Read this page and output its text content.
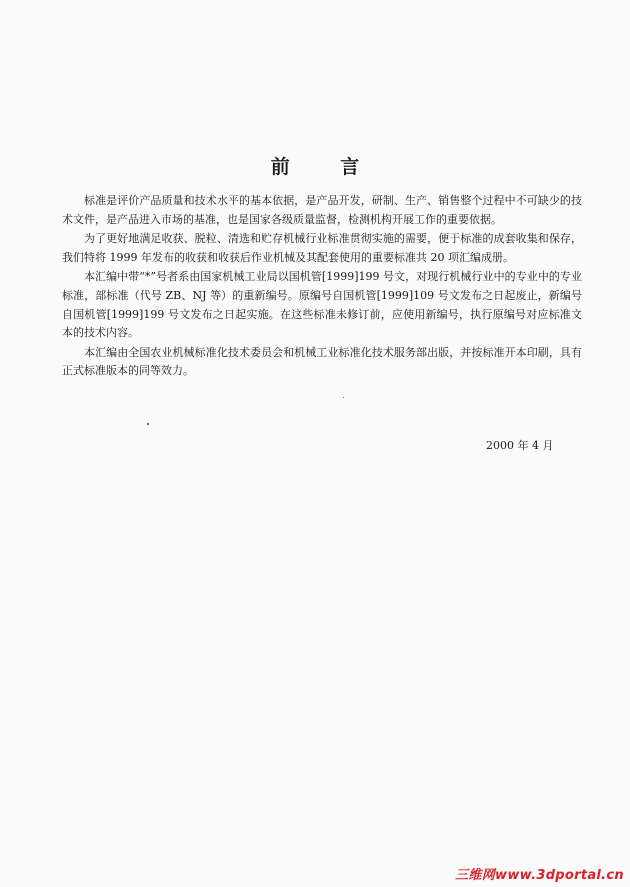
前 言

标准是评价产品质量和技术水平的基本依据，是产品开发，研制、生产、销售整个过程中不可缺少的技术文件，是产品进入市场的基准，也是国家各级质量监督，检测机构开展工作的重要依据。

为了更好地满足收获、脱粒、清选和贮存机械行业标准贯彻实施的需要，便于标准的成套收集和保存，我们特将 1999 年发布的收获和收获后作业机械及其配套使用的重要标准共 20 项汇编成册。

本汇编中带“*”号者系由国家机械工业局以国机管[1999]199 号文，对现行机械行业中的专业中的专业标准，部标准（代号 ZB、NJ 等）的重新编号。原编号自国机管[1999]109 号文发布之日起废止，新编号自国机管[1999]199 号文发布之日起实施。在这些标准未修订前，应使用新编号，执行原编号对应标准文本的技术内容。

本汇编由全国农业机械标准化技术委员会和机械工业标准化技术服务部出版，并按标准开本印刷，具有正式标准版本的同等效力。

2000 年 4 月
三维网www.3dportal.cn
